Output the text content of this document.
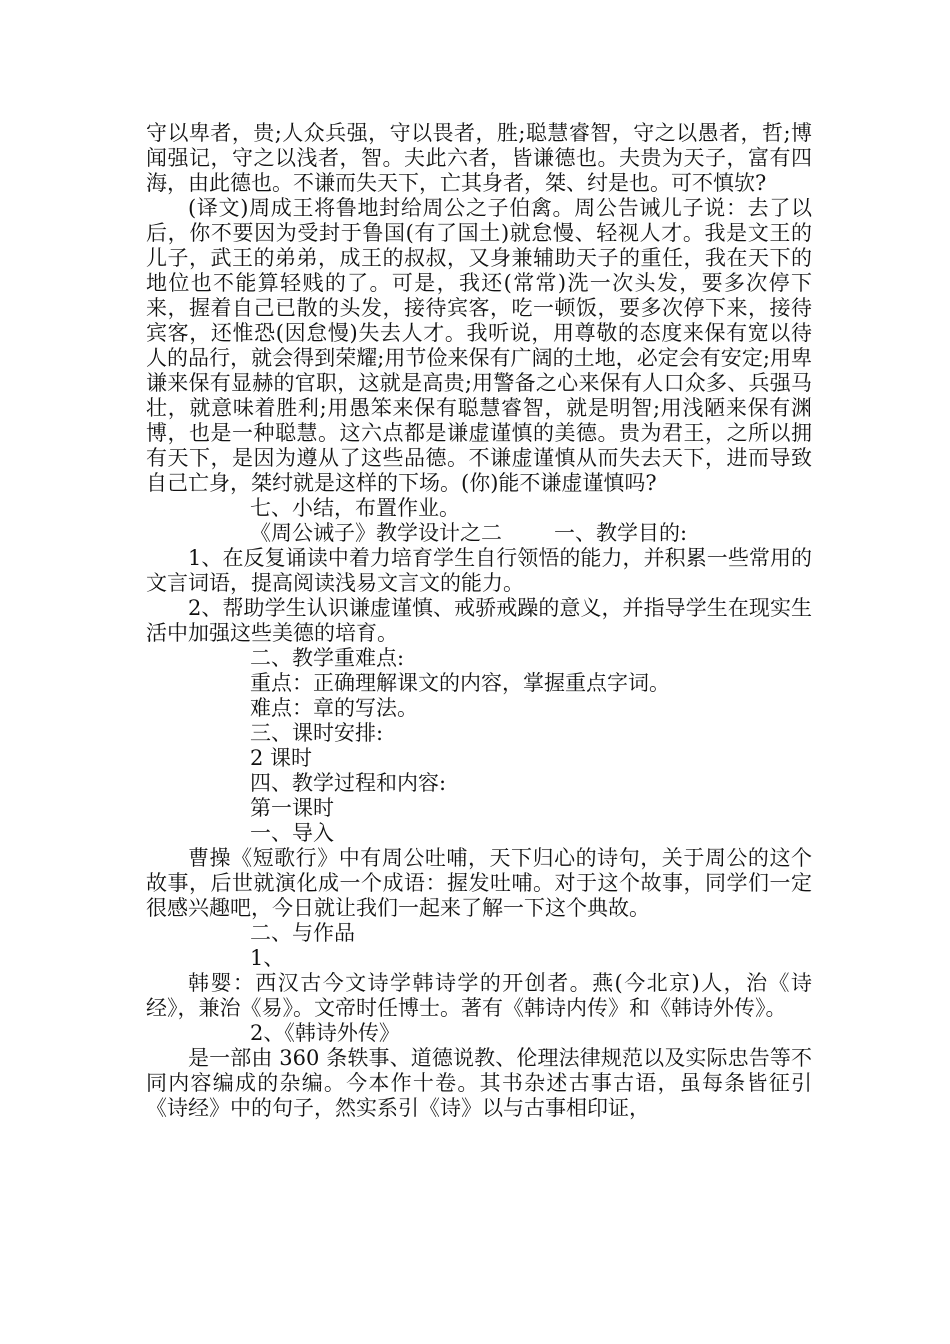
守以卑者，贵;人众兵强，守以畏者，胜;聪慧睿智，守之以愚者，哲;博闻强记，守之以浅者，智。夫此六者，皆谦德也。夫贵为天子，富有四海，由此德也。不谦而失天下，亡其身者，桀、纣是也。可不慎欤?

(译文)周成王将鲁地封给周公之子伯禽。周公告诫儿子说：去了以后，你不要因为受封于鲁国(有了国土)就怠慢、轻视人才。我是文王的儿子，武王的弟弟，成王的叔叔，又身兼辅助天子的重任，我在天下的地位也不能算轻贱的了。可是，我还(常常)洗一次头发，要多次停下来，握着自己已散的头发，接待宾客，吃一顿饭，要多次停下来，接待宾客，还惟恐(因怠慢)失去人才。我听说，用尊敬的态度来保有宽以待人的品行，就会得到荣耀;用节俭来保有广阔的土地，必定会有安定;用卑谦来保有显赫的官职，这就是高贵;用警备之心来保有人口众多、兵强马壮，就意味着胜利;用愚笨来保有聪慧睿智，就是明智;用浅陋来保有渊博，也是一种聪慧。这六点都是谦虚谨慎的美德。贵为君王，之所以拥有天下，是因为遵从了这些品德。不谦虚谨慎从而失去天下，进而导致自己亡身，桀纣就是这样的下场。(你)能不谦虚谨慎吗?

七、小结，布置作业。

《周公诫子》教学设计之二 一、教学目的:

1、在反复诵读中着力培育学生自行领悟的能力，并积累一些常用的文言词语，提高阅读浅易文言文的能力。

2、帮助学生认识谦虚谨慎、戒骄戒躁的意义，并指导学生在现实生活中加强这些美德的培育。

二、教学重难点:

重点：正确理解课文的内容，掌握重点字词。

难点：章的写法。

三、课时安排:

2 课时

四、教学过程和内容:

第一课时

一、导入

曹操《短歌行》中有周公吐哺，天下归心的诗句，关于周公的这个故事，后世就演化成一个成语：握发吐哺。对于这个故事，同学们一定很感兴趣吧，今日就让我们一起来了解一下这个典故。

二、与作品

1、

韩婴：西汉古今文诗学韩诗学的开创者。燕(今北京)人，治《诗经》，兼治《易》。文帝时任博士。著有《韩诗内传》和《韩诗外传》。

2、《韩诗外传》

是一部由 360 条轶事、道德说教、伦理法律规范以及实际忠告等不同内容编成的杂编。今本作十卷。其书杂述古事古语，虽每条皆征引《诗经》中的句子，然实系引《诗》以与古事相印证，
